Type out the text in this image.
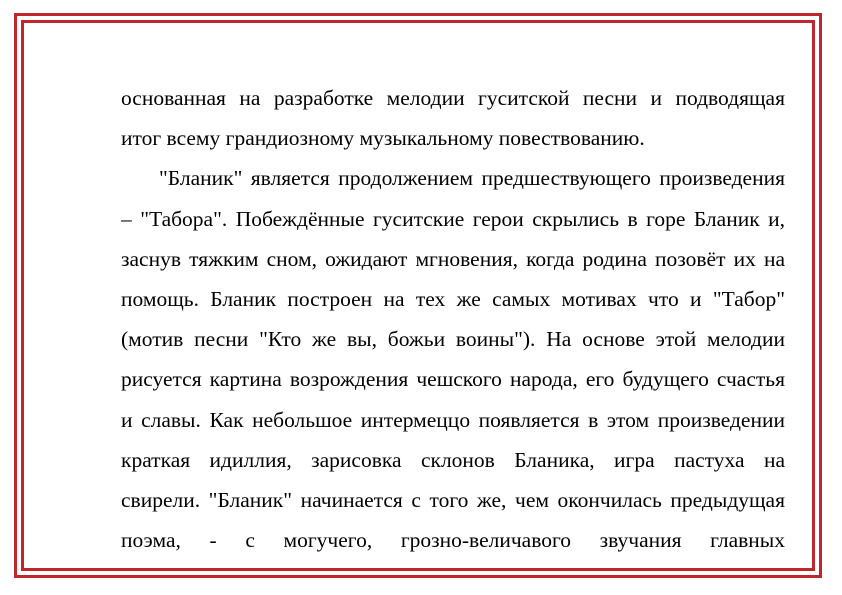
основанная на разработке мелодии гуситской песни и подводящая
итог всему грандиозному музыкальному повествованию.
"Бланик" является продолжением предшествующего произведения
– "Табора". Побеждённые гуситские герои скрылись в горе Бланик и,
заснув тяжким сном, ожидают мгновения, когда родина позовёт их на
помощь. Бланик построен на тех же самых мотивах что и "Табор"
(мотив песни "Кто же вы, божьи воины"). На основе этой мелодии
рисуется картина возрождения чешского народа, его будущего счастья
и славы. Как небольшое интермеццо появляется в этом произведении
краткая идиллия, зарисовка склонов Бланика, игра пастуха на
свирели. "Бланик" начинается с того же, чем окончилась предыдущая
поэма, - с могучего, грозно-величавого звучания главных
